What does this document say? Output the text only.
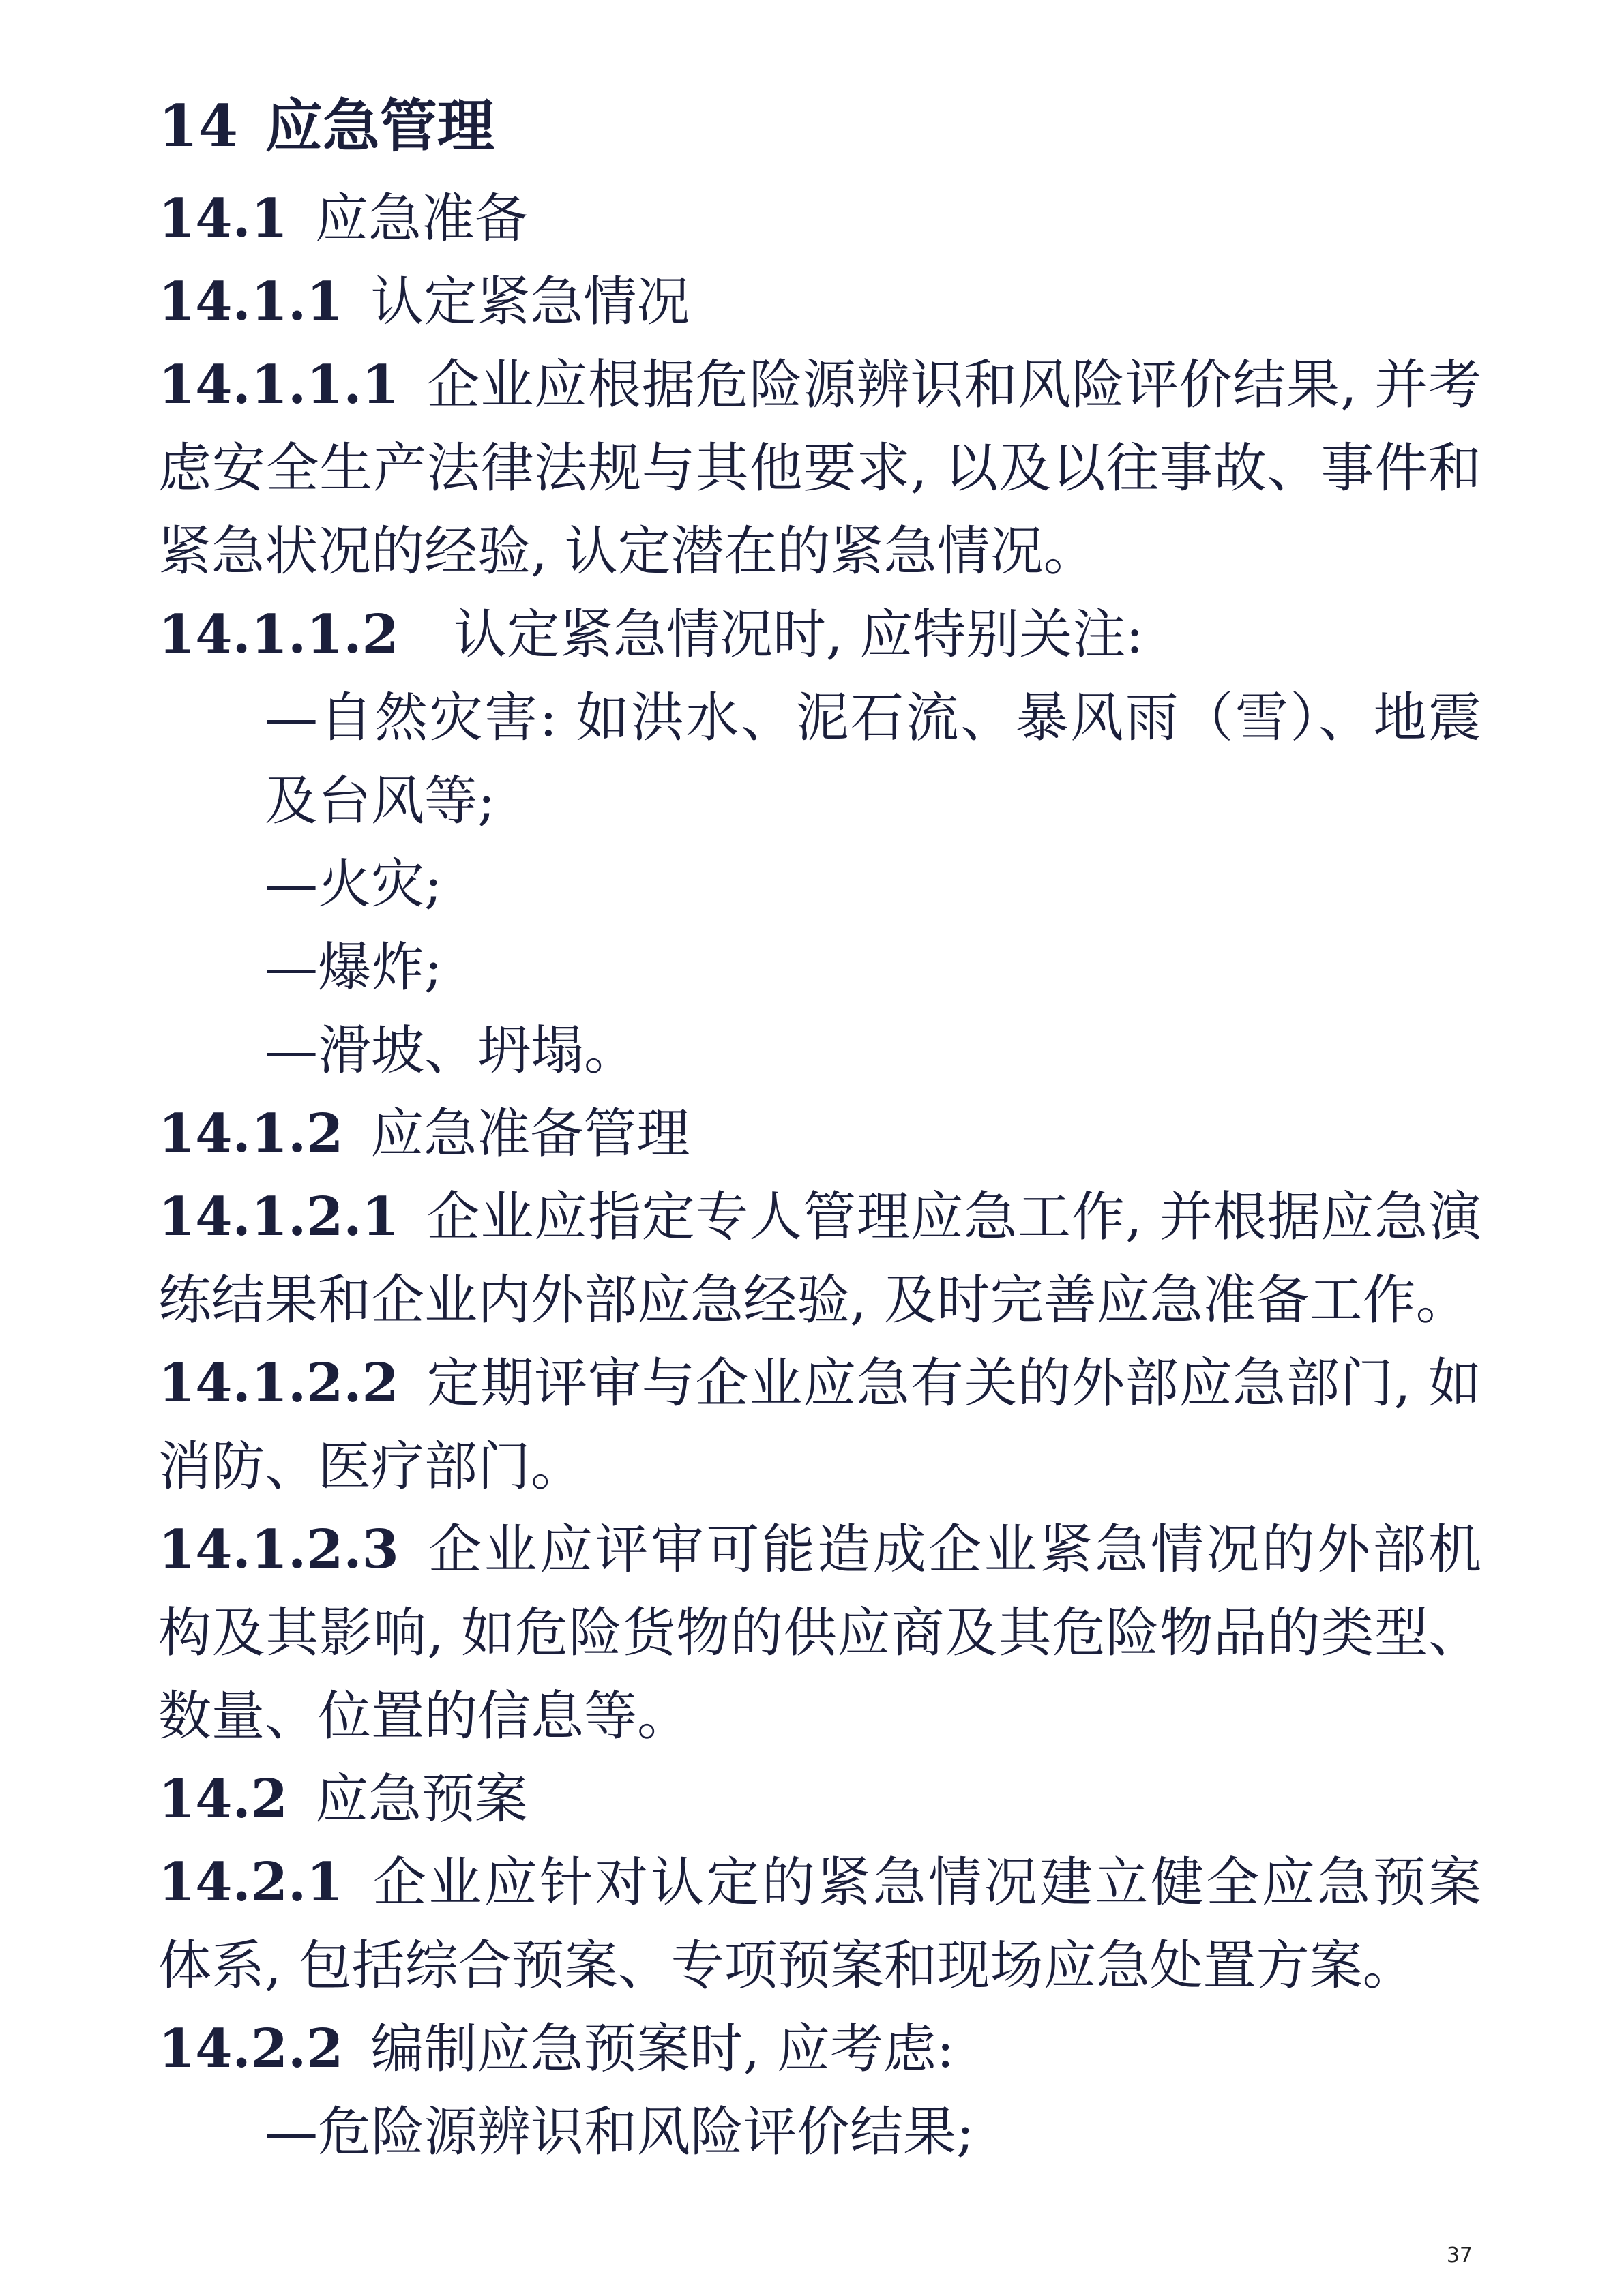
14 应急管理

14.1 应急准备

14.1.1 认定紧急情况

14.1.1.1 企业应根据危险源辨识和风险评价结果, 并考虑安全生产法律法规与其他要求, 以及以往事故、事件和紧急状况的经验, 认定潜在的紧急情况。

14.1.1.2 认定紧急情况时, 应特别关注:

—自然灾害: 如洪水、泥石流、暴风雨（雪）、地震及台风等;

—火灾;

—爆炸;

—滑坡、坍塌。

14.1.2 应急准备管理

14.1.2.1 企业应指定专人管理应急工作, 并根据应急演练结果和企业内外部应急经验, 及时完善应急准备工作。

14.1.2.2 定期评审与企业应急有关的外部应急部门, 如消防、医疗部门。

14.1.2.3 企业应评审可能造成企业紧急情况的外部机构及其影响, 如危险货物的供应商及其危险物品的类型、数量、位置的信息等。

14.2 应急预案

14.2.1 企业应针对认定的紧急情况建立健全应急预案体系, 包括综合预案、专项预案和现场应急处置方案。

14.2.2 编制应急预案时, 应考虑:

—危险源辨识和风险评价结果;

37
